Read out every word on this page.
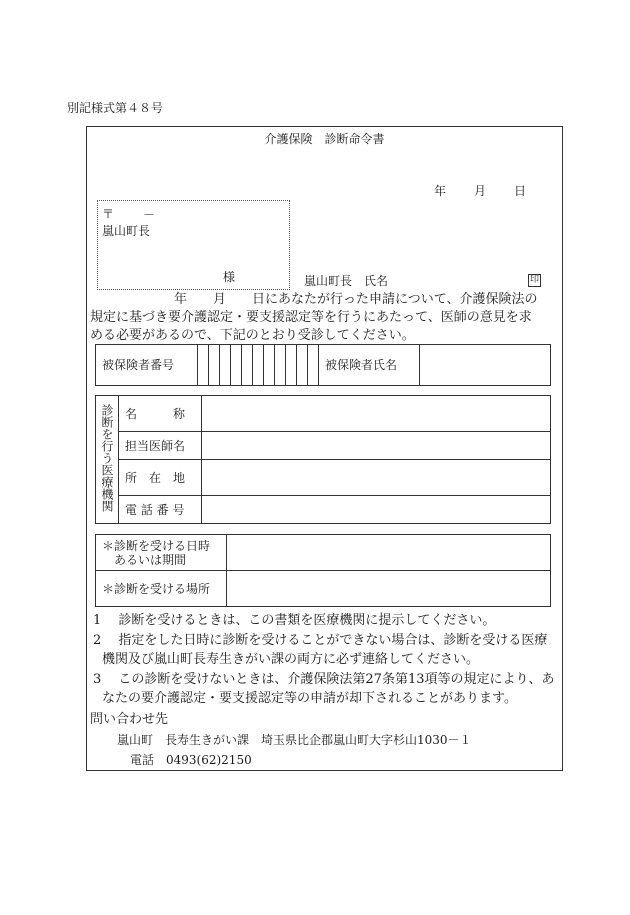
別記様式第４８号
介護保険　診断命令書
年 月 日
〒 －
嵐山町長
様	嵐山町長　氏名	印
年 月 日にあなたが行った申請について、介護保険法の
規定に基づき要介護認定・要支援認定等を行うにあたって、医師の意見を求
める必要があるので、下記のとおり受診してください。
被保険者番号												被保険者氏名	
診断を行う医療機関	名　　　称	
	担当医師名	
	所　在　地	
	電 話 番 号	
＊診断を受ける日時
あるいは期間	

＊診断を受ける場所	
1　 診断を受けるときは、この書類を医療機関に提示してください。
2　 指定をした日時に診断を受けることができない場合は、診断を受ける医療
機関及び嵐山町長寿生きがい課の両方に必ず連絡してください。
3　 この診断を受けないときは、介護保険法第27条第13項等の規定により、あ
なたの要介護認定・要支援認定等の申請が却下されることがあります。
問い合わせ先
嵐山町　長寿生きがい課　埼玉県比企郡嵐山町大字杉山1030－１
電話　0493(62)2150
